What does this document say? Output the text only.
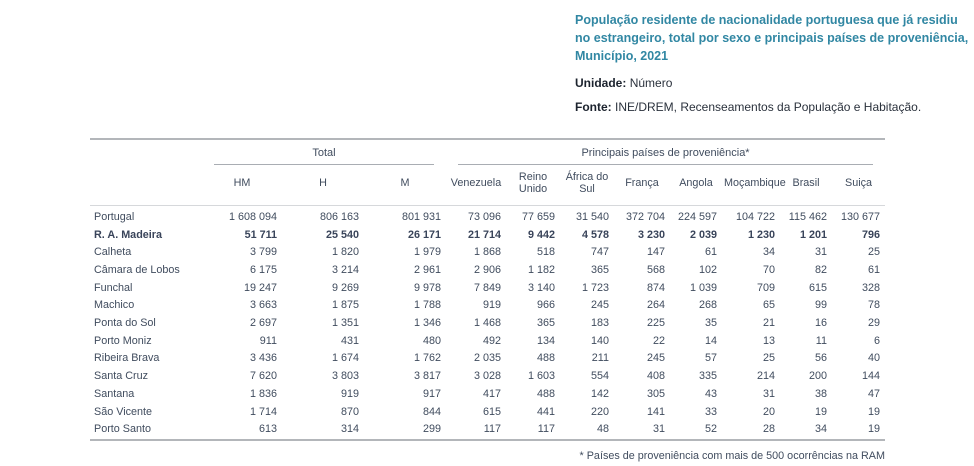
População residente de nacionalidade portuguesa que já residiu no estrangeiro, total por sexo e principais países de proveniência, Município, 2021

Unidade: Número

Fonte: INE/DREM, Recenseamentos da População e Habitação.

	Total			Principais países de proveniência*							

	HM	H	M	Venezuela	Reino Unido	África do Sul	França	Angola	Moçambique	Brasil	Suiça
Portugal	1 608 094	806 163	801 931	73 096	77 659	31 540	372 704	224 597	104 722	115 462	130 677
R. A. Madeira	51 711	25 540	26 171	21 714	9 442	4 578	3 230	2 039	1 230	1 201	796
Calheta	3 799	1 820	1 979	1 868	518	747	147	61	34	31	25
Câmara de Lobos	6 175	3 214	2 961	2 906	1 182	365	568	102	70	82	61
Funchal	19 247	9 269	9 978	7 849	3 140	1 723	874	1 039	709	615	328
Machico	3 663	1 875	1 788	919	966	245	264	268	65	99	78
Ponta do Sol	2 697	1 351	1 346	1 468	365	183	225	35	21	16	29
Porto Moniz	911	431	480	492	134	140	22	14	13	11	6
Ribeira Brava	3 436	1 674	1 762	2 035	488	211	245	57	25	56	40
Santa Cruz	7 620	3 803	3 817	3 028	1 603	554	408	335	214	200	144
Santana	1 836	919	917	417	488	142	305	43	31	38	47
São Vicente	1 714	870	844	615	441	220	141	33	20	19	19
Porto Santo	613	314	299	117	117	48	31	52	28	34	19
* Países de proveniência com mais de 500 ocorrências na RAM
